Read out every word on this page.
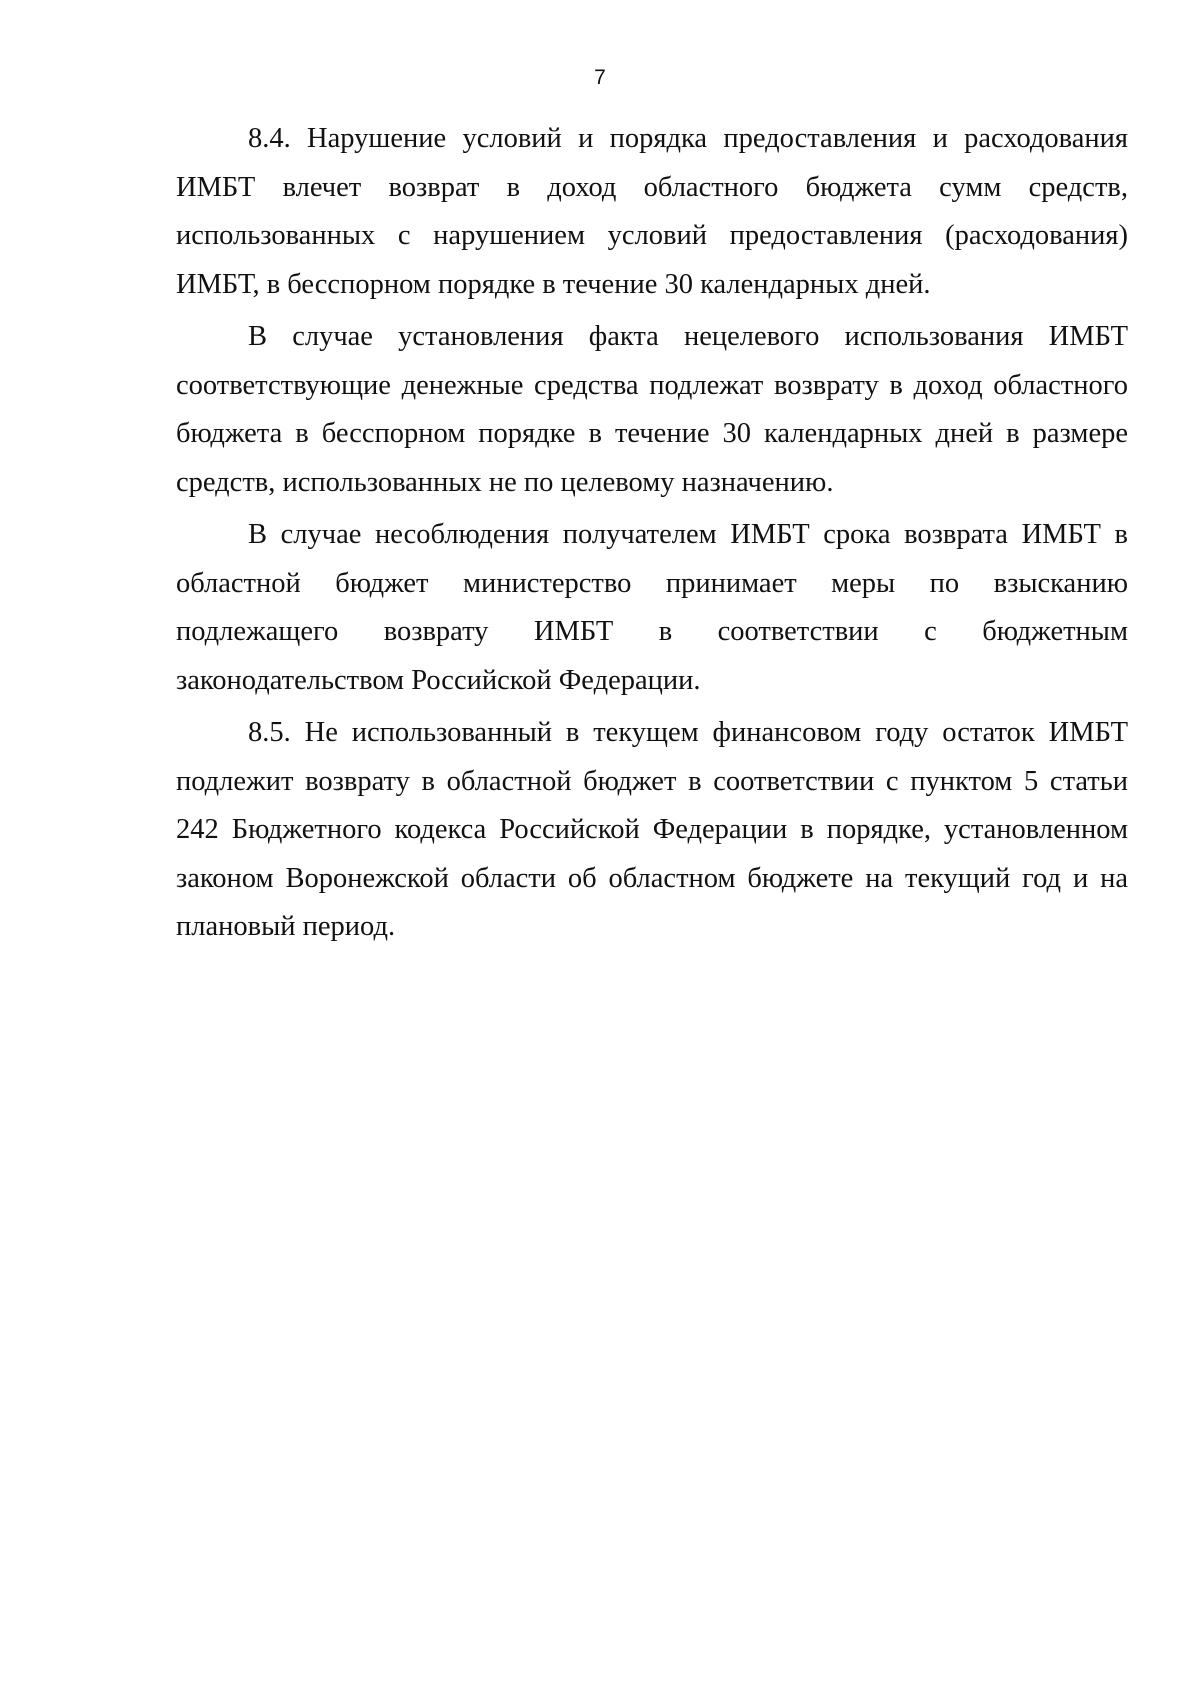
7

8.4. Нарушение условий и порядка предоставления и расходования ИМБТ влечет возврат в доход областного бюджета сумм средств, использованных с нарушением условий предоставления (расходования) ИМБТ, в бесспорном порядке в течение 30 календарных дней.

В случае установления факта нецелевого использования ИМБТ соответствующие денежные средства подлежат возврату в доход областного бюджета в бесспорном порядке в течение 30 календарных дней в размере средств, использованных не по целевому назначению.

В случае несоблюдения получателем ИМБТ срока возврата ИМБТ в областной бюджет министерство принимает меры по взысканию подлежащего возврату ИМБТ в соответствии с бюджетным законодательством Российской Федерации.

8.5. Не использованный в текущем финансовом году остаток ИМБТ подлежит возврату в областной бюджет в соответствии с пунктом 5 статьи 242 Бюджетного кодекса Российской Федерации в порядке, установленном законом Воронежской области об областном бюджете на текущий год и на плановый период.
